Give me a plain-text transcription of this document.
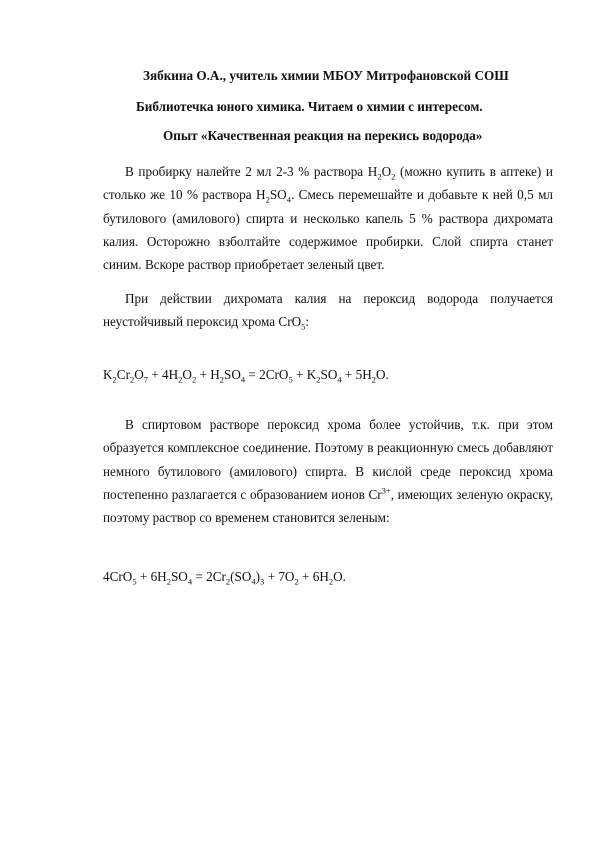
Зябкина О.А., учитель химии МБОУ Митрофановской СОШ
Библиотечка юного химика. Читаем о химии с интересом.
Опыт «Качественная реакция на перекись водорода»
В пробирку налейте 2 мл 2-3 % раствора $H_2O_2$ (можно купить в аптеке) и столько же 10 % раствора $H_2SO_4$. Смесь перемешайте и добавьте к ней 0,5 мл бутилового (амилового) спирта и несколько капель 5 % раствора дихромата калия. Осторожно взболтайте содержимое пробирки. Слой спирта станет синим. Вскоре раствор приобретает зеленый цвет.
При действии дихромата калия на пероксид водорода получается неустойчивый пероксид хрома CrO$_5$:
$K_2Cr_2O_7 + 4H_2O_2 + H_2SO_4 = 2CrO_5 + K_2SO_4 + 5H_2O$.
В спиртовом растворе пероксид хрома более устойчив, т.к. при этом образуется комплексное соединение. Поэтому в реакционную смесь добавляют немного бутилового (амилового) спирта. В кислой среде пероксид хрома постепенно разлагается с образованием ионов $Cr^{3+}$, имеющих зеленую окраску, поэтому раствор со временем становится зеленым:
$4CrO_5 + 6H_2SO_4 = 2Cr_2(SO_4)_3 + 7O_2 + 6H_2O$.
